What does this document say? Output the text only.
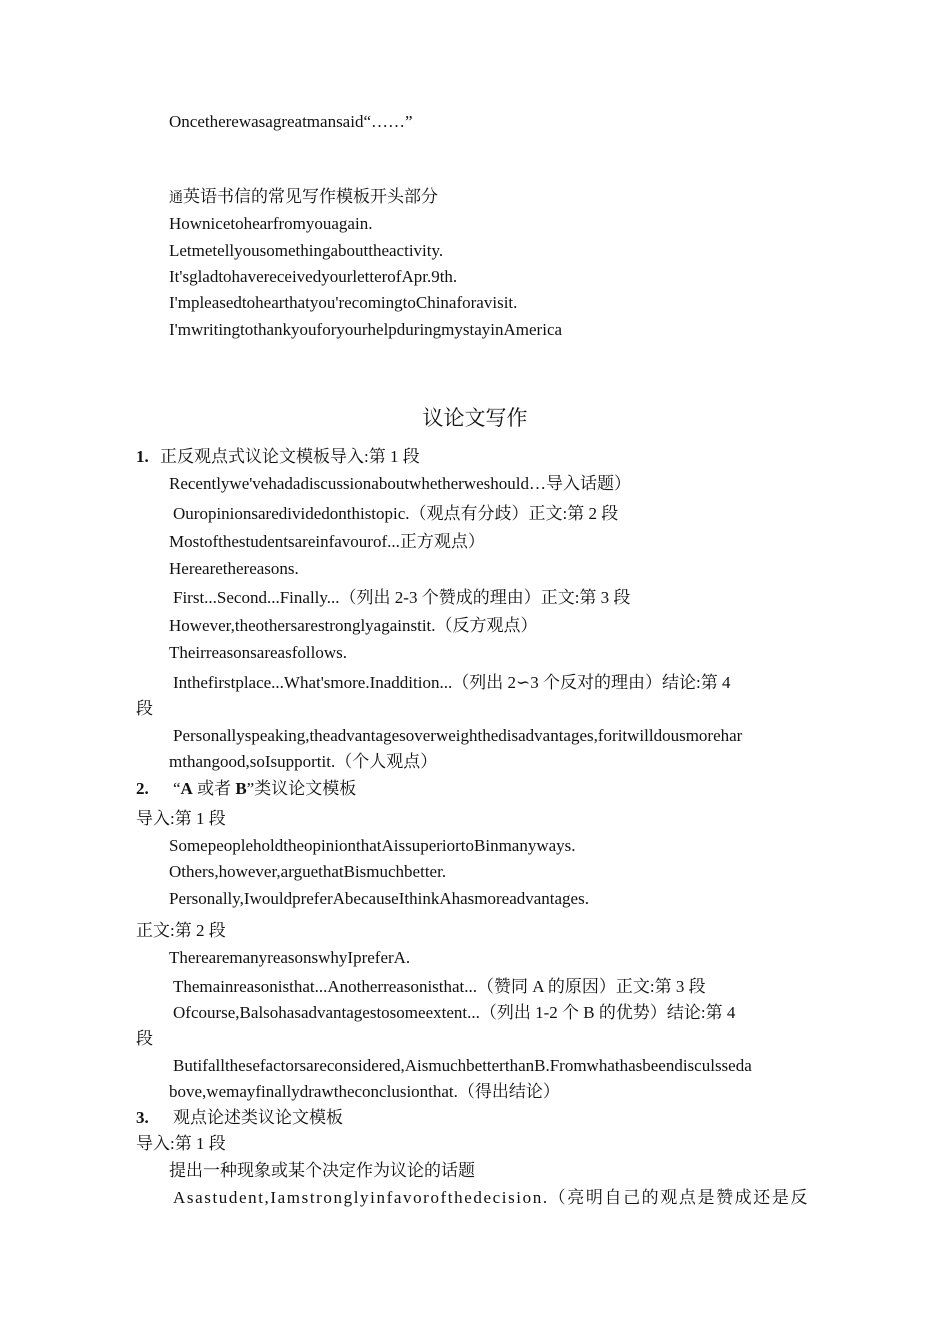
Oncetherewasagreatmansaid“……”
通英语书信的常见写作模板开头部分
Hownicetohearfromyouagain.
Letmetellyousomethingabouttheactivity.
It'sgladtohavereceivedyourletterofApr.9th.
I'mpleasedtohearthatyou'recomingtoChinaforavisit.
I'mwritingtothankyouforyourhelpduringmystayinAmerica
议论文写作
1. 正反观点式议论文模板导入:第 1 段
Recentlywe'vehadadiscussionaboutwhetherweshould…导入话题）
Ouropinionsaredividedonthistopic.（观点有分歧）正文:第 2 段
Mostofthestudentsareinfavourof...正方观点）
Herearethereasons.
First...Second...Finally...（列出 2-3 个赞成的理由）正文:第 3 段
However,theothersarestronglyagainstit.（反方观点）
Theirreasonsareasfollows.
Inthefirstplace...What'smore.Inaddition...（列出 2∽3 个反对的理由）结论:第 4
段
Personallyspeaking,theadvantagesoverweighthedisadvantages,foritwilldousmorehar
mthangood,soIsupportit.（个人观点）
2. “A 或者 B”类议论文模板
导入:第 1 段
SomepeopleholdtheopinionthatAissuperiortoBinmanyways.
Others,however,arguethatBismuchbetter.
Personally,IwouldpreferAbecauseIthinkAhasmoreadvantages.
正文:第 2 段
TherearemanyreasonswhyIpreferA.
Themainreasonisthat...Anotherreasonisthat...（赞同 A 的原因）正文:第 3 段
Ofcourse,Balsohasadvantagestosomeextent...（列出 1-2 个 B 的优势）结论:第 4
段
Butifallthesefactorsareconsidered,AismuchbetterthanB.Fromwhathasbeendisculsseda
bove,wemayfinallydrawtheconclusionthat.（得出结论）
3. 观点论述类议论文模板
导入:第 1 段
提出一种现象或某个决定作为议论的话题
Asastudent,Iamstronglyinfavorofthedecision.（亮明自己的观点是赞成还是反
